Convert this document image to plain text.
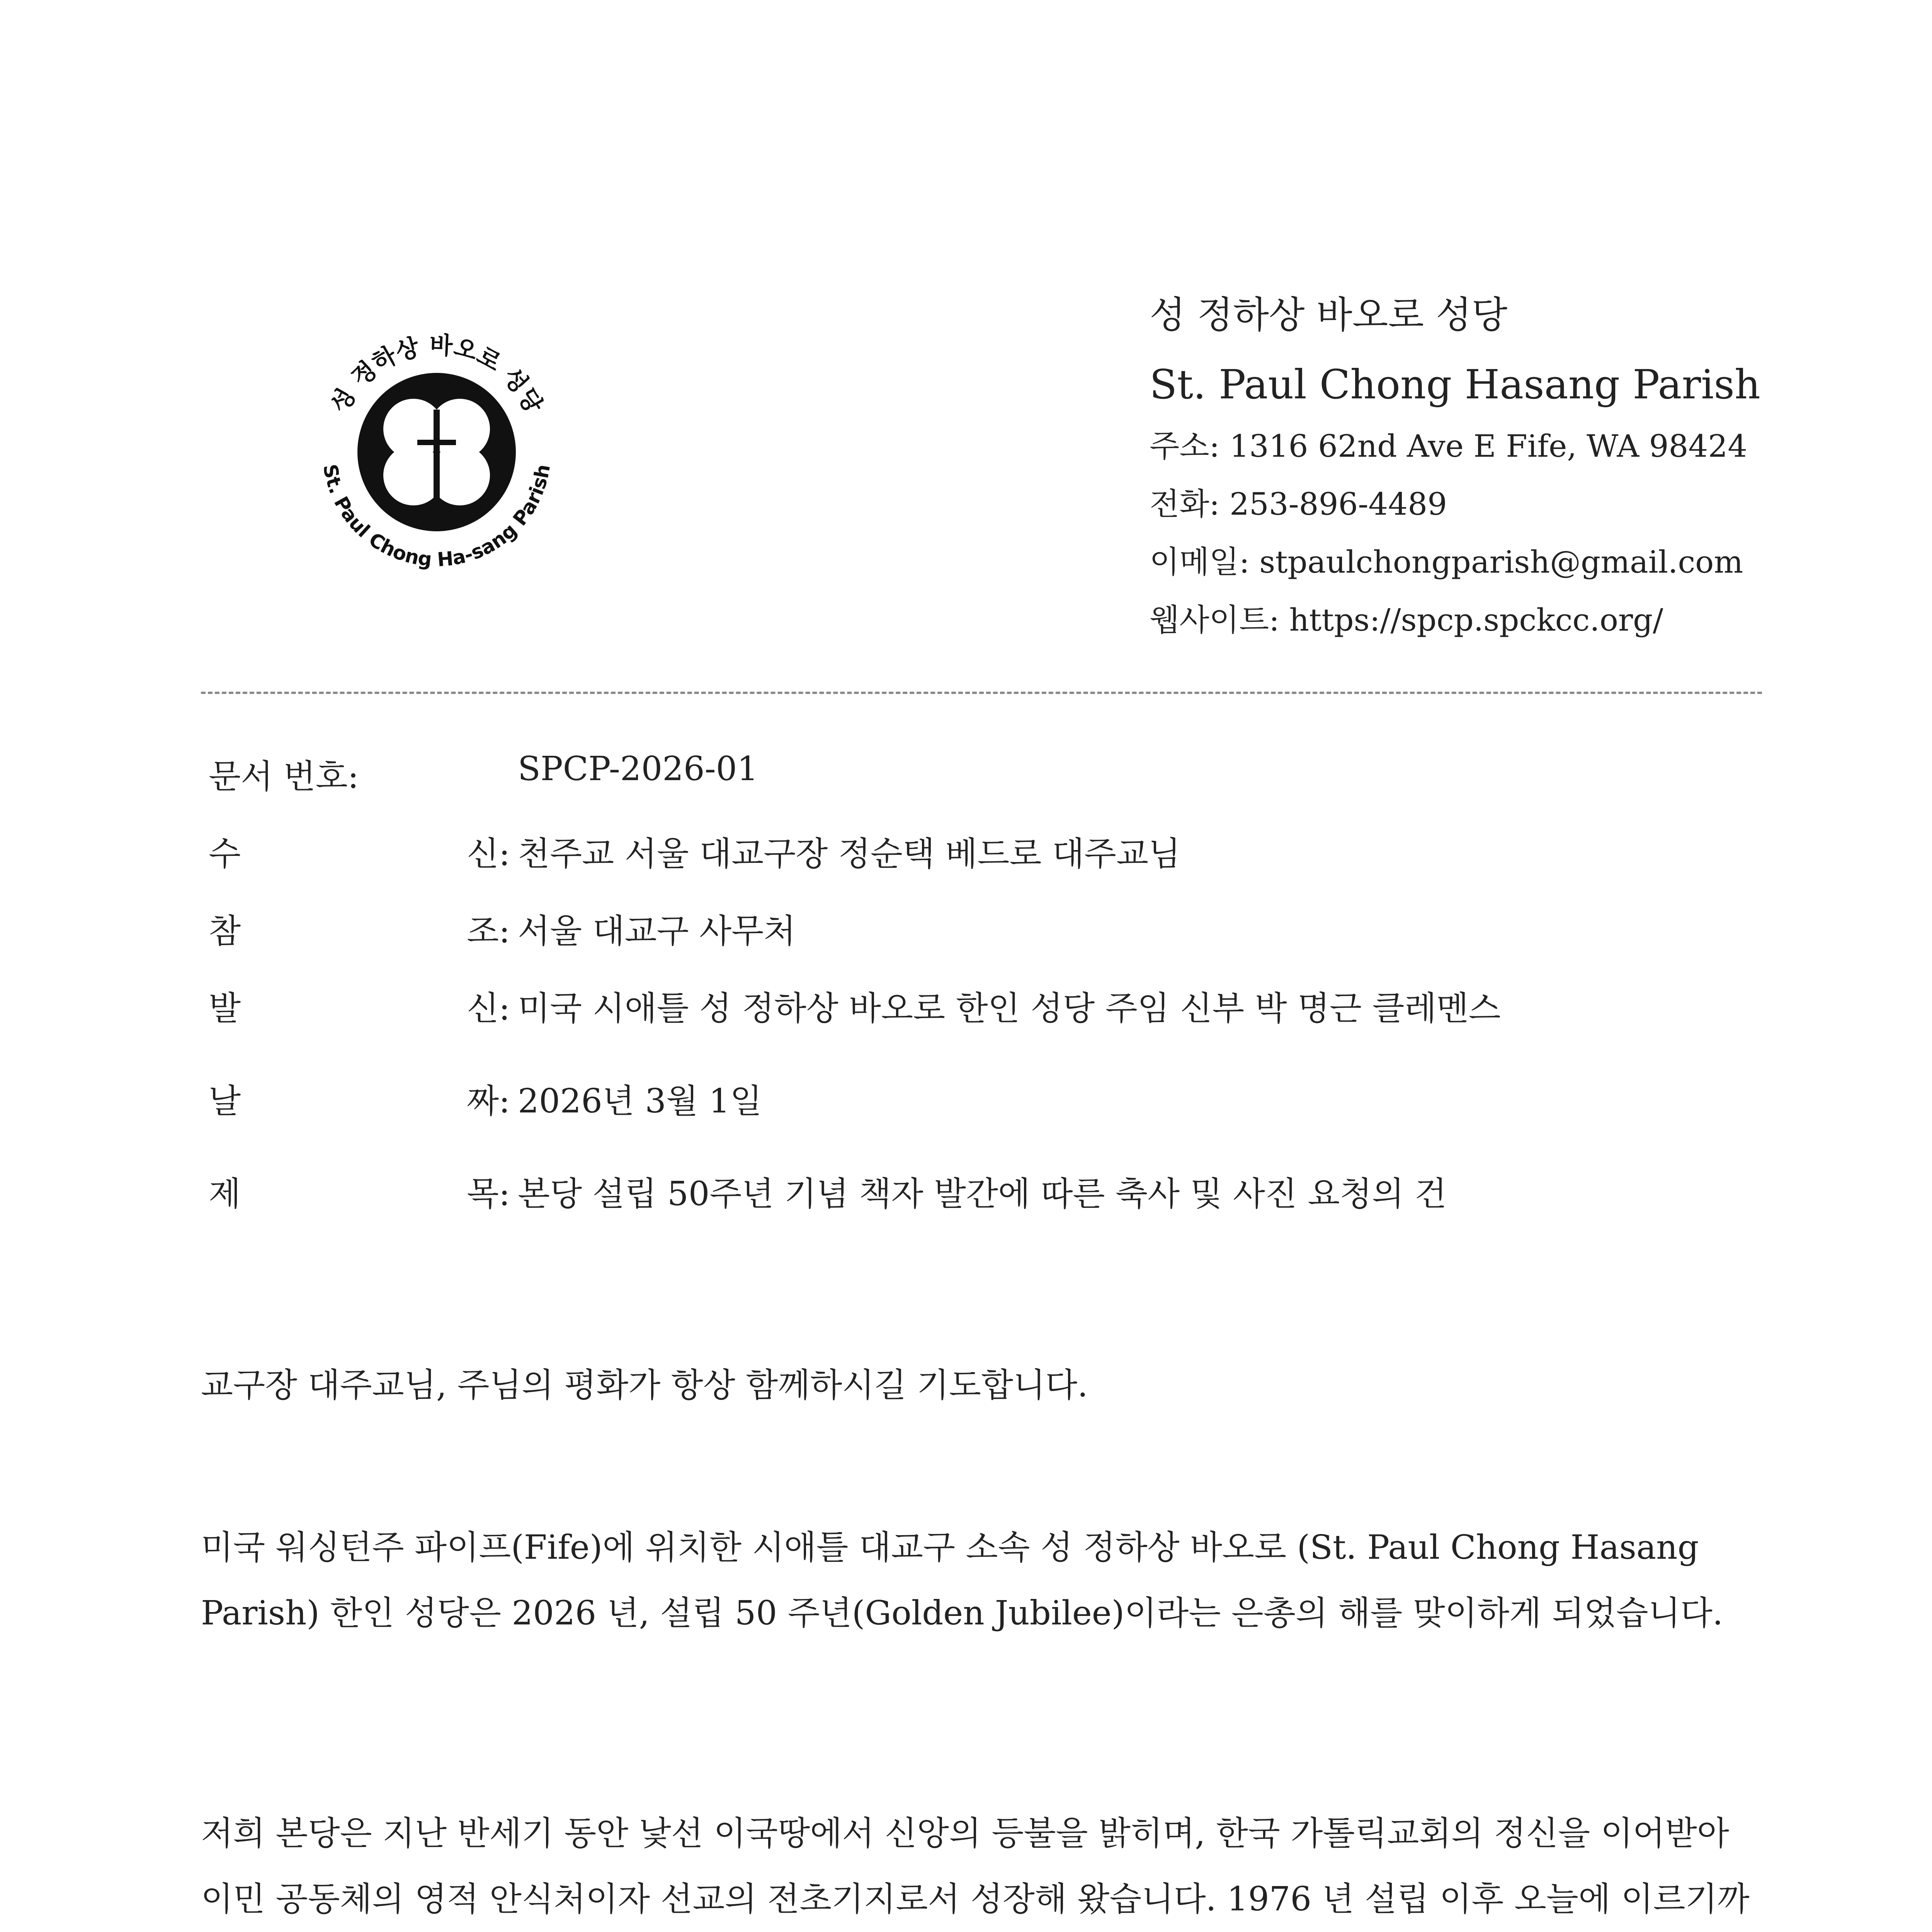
성 정하상 바오로 성당
St. Paul Chong Ha-sang Parish
성 정하상 바오로 성당
St. Paul Chong Hasang Parish
주소: 1316 62nd Ave E Fife, WA 98424
전화: 253-896-4489
이메일: stpaulchongparish@gmail.com
웹사이트: https://spcp.spckcc.org/
문서 번호:	SPCP-2026-01
수	신: 천주교 서울 대교구장 정순택 베드로 대주교님
참	조: 서울 대교구 사무처
발	신: 미국 시애틀 성 정하상 바오로 한인 성당 주임 신부 박 명근 클레멘스
날	짜: 2026년 3월 1일
제	목: 본당 설립 50주년 기념 책자 발간에 따른 축사 및 사진 요청의 건
교구장 대주교님, 주님의 평화가 항상 함께하시길 기도합니다.
미국 워싱턴주 파이프(Fife)에 위치한 시애틀 대교구 소속 성 정하상 바오로 (St. Paul Chong Hasang Parish) 한인 성당은 2026 년, 설립 50 주년(Golden Jubilee)이라는 은총의 해를 맞이하게 되었습니다.
저희 본당은 지난 반세기 동안 낯선 이국땅에서 신앙의 등불을 밝히며, 한국 가톨릭교회의 정신을 이어받아 이민 공동체의 영적 안식처이자 선교의 전초기지로서 성장해 왔습니다. 1976 년 설립 이후 오늘에 이르기까
